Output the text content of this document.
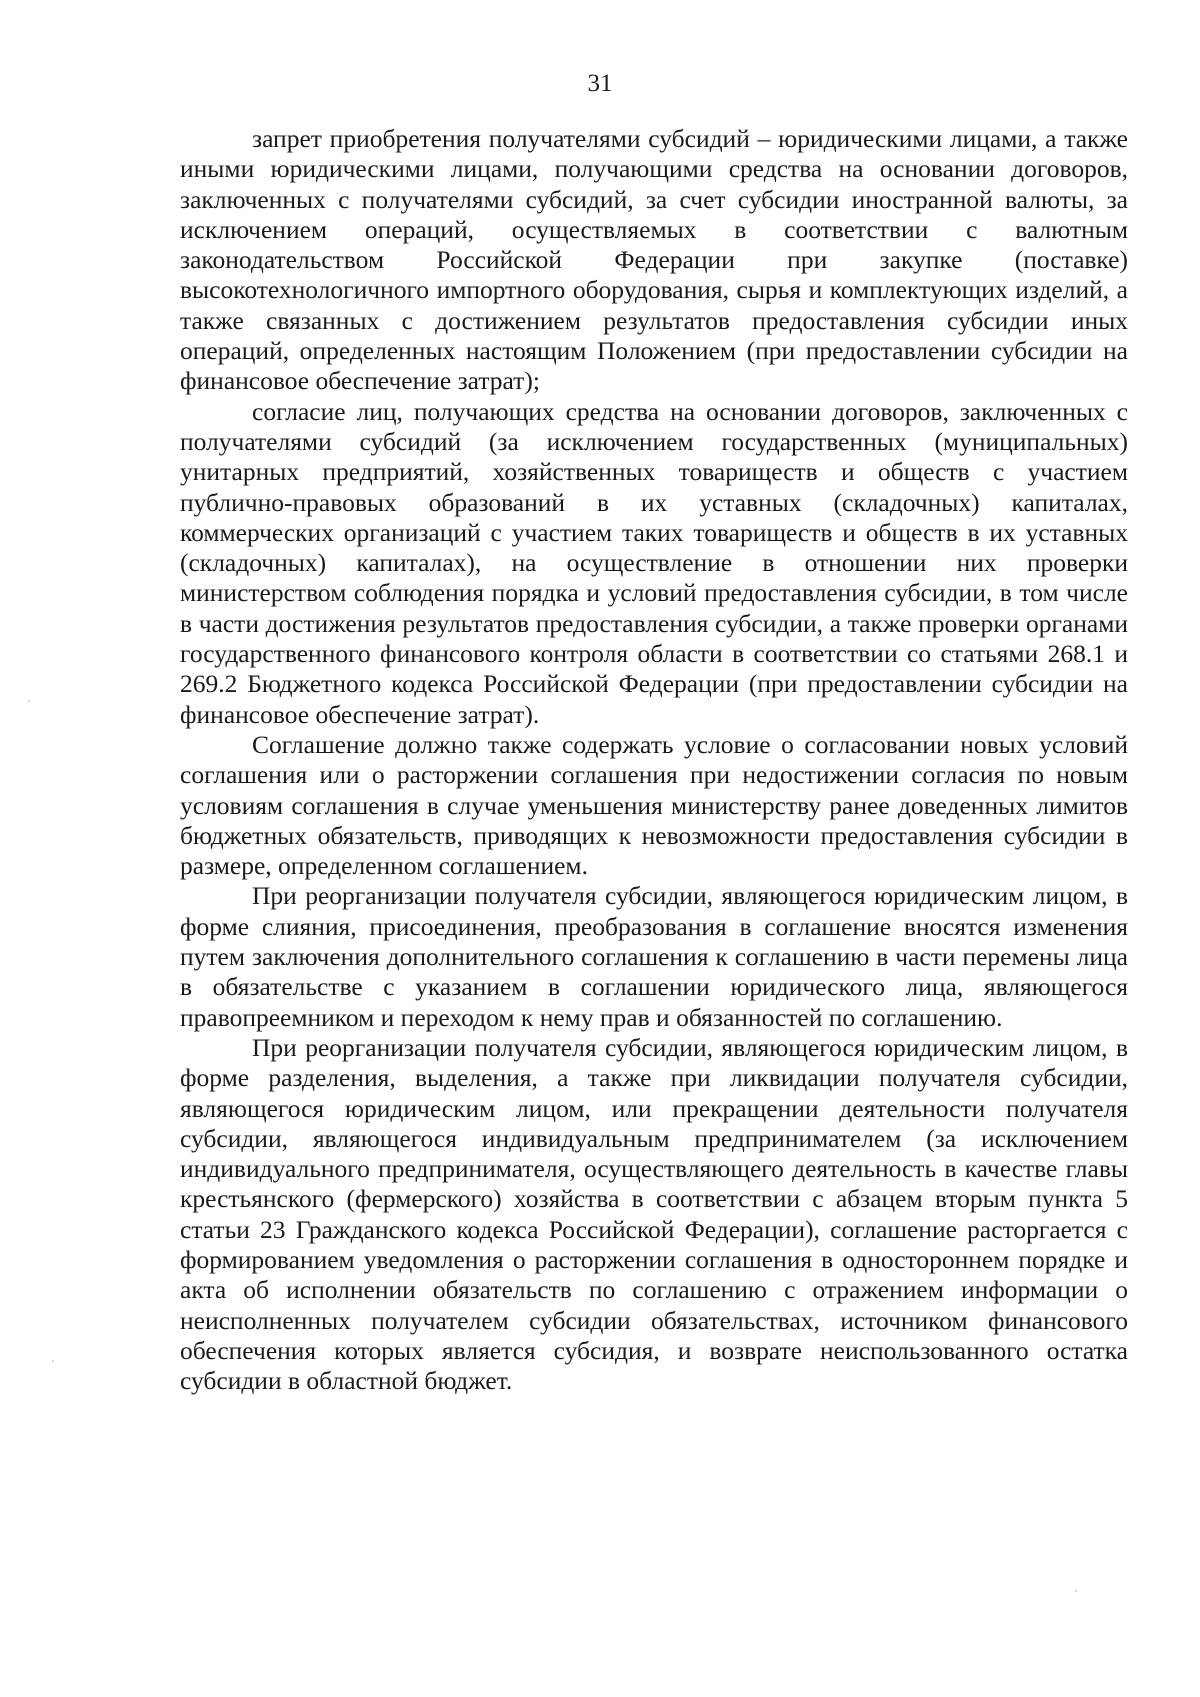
31

запрет приобретения получателями субсидий – юридическими лицами, а также иными юридическими лицами, получающими средства на основании договоров, заключенных с получателями субсидий, за счет субсидии иностранной валюты, за исключением операций, осуществляемых в соответствии с валютным законодательством Российской Федерации при закупке (поставке) высокотехнологичного импортного оборудования, сырья и комплектующих изделий, а также связанных с достижением результатов предоставления субсидии иных операций, определенных настоящим Положением (при предоставлении субсидии на финансовое обеспечение затрат);

согласие лиц, получающих средства на основании договоров, заключенных с получателями субсидий (за исключением государственных (муниципальных) унитарных предприятий, хозяйственных товариществ и обществ с участием публично-правовых образований в их уставных (складочных) капиталах, коммерческих организаций с участием таких товариществ и обществ в их уставных (складочных) капиталах), на осуществление в отношении них проверки министерством соблюдения порядка и условий предоставления субсидии, в том числе в части достижения результатов предоставления субсидии, а также проверки органами государственного финансового контроля области в соответствии со статьями 268.1 и 269.2 Бюджетного кодекса Российской Федерации (при предоставлении субсидии на финансовое обеспечение затрат).

Соглашение должно также содержать условие о согласовании новых условий соглашения или о расторжении соглашения при недостижении согласия по новым условиям соглашения в случае уменьшения министерству ранее доведенных лимитов бюджетных обязательств, приводящих к невозможности предоставления субсидии в размере, определенном соглашением.

При реорганизации получателя субсидии, являющегося юридическим лицом, в форме слияния, присоединения, преобразования в соглашение вносятся изменения путем заключения дополнительного соглашения к соглашению в части перемены лица в обязательстве с указанием в соглашении юридического лица, являющегося правопреемником и переходом к нему прав и обязанностей по соглашению.

При реорганизации получателя субсидии, являющегося юридическим лицом, в форме разделения, выделения, а также при ликвидации получателя субсидии, являющегося юридическим лицом, или прекращении деятельности получателя субсидии, являющегося индивидуальным предпринимателем (за исключением индивидуального предпринимателя, осуществляющего деятельность в качестве главы крестьянского (фермерского) хозяйства в соответствии с абзацем вторым пункта 5 статьи 23 Гражданского кодекса Российской Федерации), соглашение расторгается с формированием уведомления о расторжении соглашения в одностороннем порядке и акта об исполнении обязательств по соглашению с отражением информации о неисполненных получателем субсидии обязательствах, источником финансового обеспечения которых является субсидия, и возврате неиспользованного остатка субсидии в областной бюджет.
